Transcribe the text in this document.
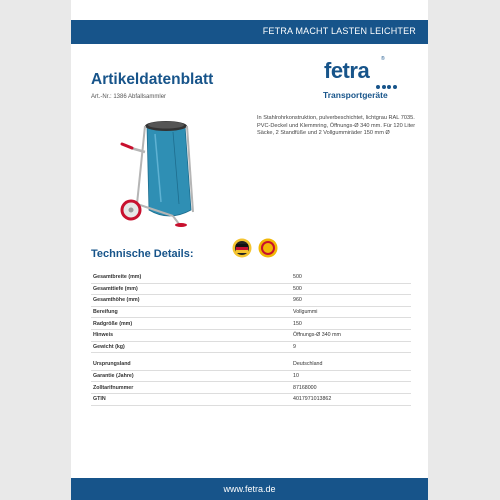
FETRA MACHT LASTEN LEICHTER
Artikeldatenblatt
Art.-Nr.: 1386 Abfallsammler
fetra ®
Transportgeräte
In Stahlrohrkonstruktion, pulverbeschichtet, lichtgrau RAL 7035. PVC-Deckel und Klemmring, Öffnungs-Ø 340 mm. Für 120 Liter Säcke, 2 Standfüße und 2 Vollgummiräder 150 mm Ø
Technische Details:
Gesamtbreite (mm)	500
Gesamttiefe (mm)	500
Gesamthöhe (mm)	960
Bereifung	Vollgummi
Radgröße (mm)	150
Hinweis	Öffnungs-Ø 340 mm
Gewicht (kg)	9

Ursprungsland	Deutschland
Garantie (Jahre)	10
Zolltarifnummer	87168000
GTIN	4017971013862
www.fetra.de
